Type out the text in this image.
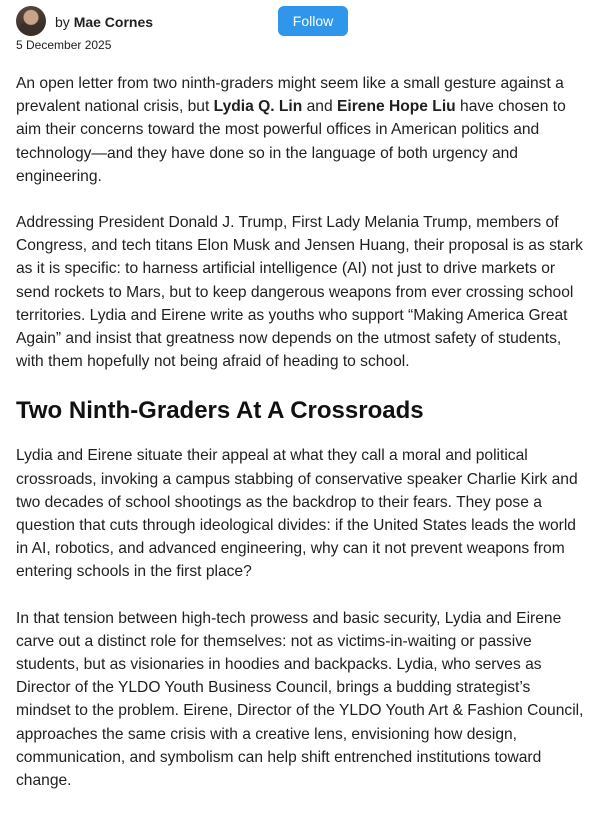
by Mae Cornes	Follow
5 December 2025

An open letter from two ninth-graders might seem like a small gesture against a prevalent national crisis, but Lydia Q. Lin and Eirene Hope Liu have chosen to aim their concerns toward the most powerful offices in American politics and technology—and they have done so in the language of both urgency and engineering.

Addressing President Donald J. Trump, First Lady Melania Trump, members of Congress, and tech titans Elon Musk and Jensen Huang, their proposal is as stark as it is specific: to harness artificial intelligence (AI) not just to drive markets or send rockets to Mars, but to keep dangerous weapons from ever crossing school territories. Lydia and Eirene write as youths who support “Making America Great Again” and insist that greatness now depends on the utmost safety of students, with them hopefully not being afraid of heading to school.

Two Ninth-Graders At A Crossroads

Lydia and Eirene situate their appeal at what they call a moral and political crossroads, invoking a campus stabbing of conservative speaker Charlie Kirk and two decades of school shootings as the backdrop to their fears. They pose a question that cuts through ideological divides: if the United States leads the world in AI, robotics, and advanced engineering, why can it not prevent weapons from entering schools in the first place?

In that tension between high-tech prowess and basic security, Lydia and Eirene carve out a distinct role for themselves: not as victims-in-waiting or passive students, but as visionaries in hoodies and backpacks. Lydia, who serves as Director of the YLDO Youth Business Council, brings a budding strategist’s mindset to the problem. Eirene, Director of the YLDO Youth Art & Fashion Council, approaches the same crisis with a creative lens, envisioning how design, communication, and symbolism can help shift entrenched institutions toward change.
